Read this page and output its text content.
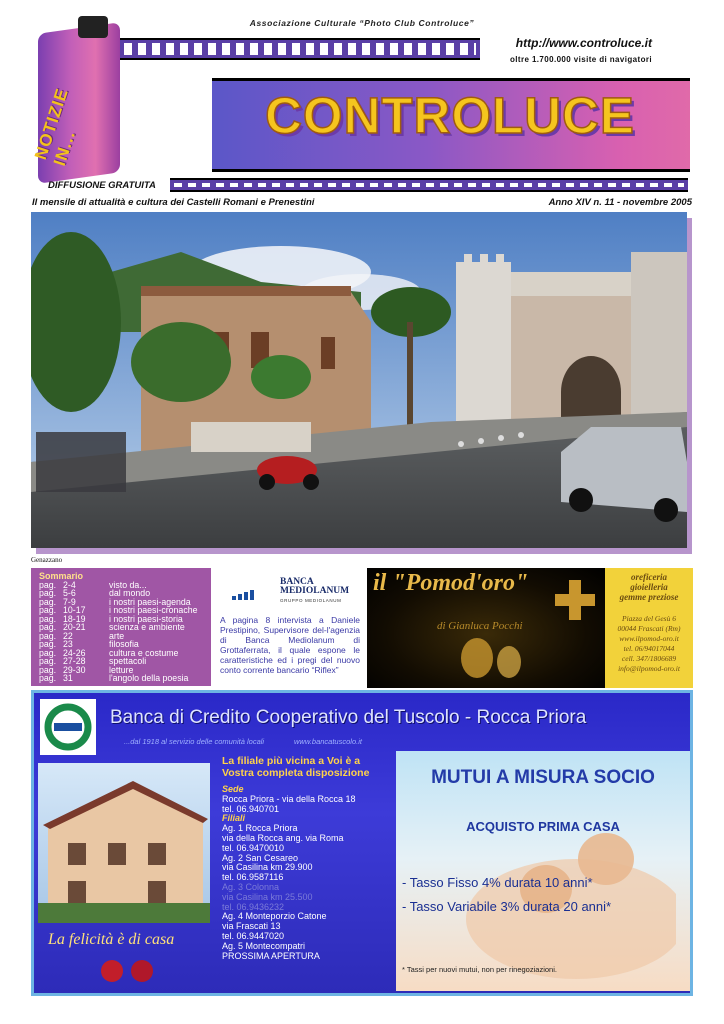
Associazione Culturale “Photo Club Controluce”
NOTIZIE IN...
CONTROLUCE
http://www.controluce.it
oltre 1.700.000 visite di navigatori
DIFFUSIONE GRATUITA
Il mensile di attualità e cultura dei Castelli Romani e Prenestini	Anno XIV n. 11 - novembre 2005
Genazzano
Sommario
pag. 2-4	visto da...
pag. 5-6	dal mondo
pag. 7-9	i nostri paesi-agenda
pag. 10-17	i nostri paesi-cronache
pag. 18-19	i nostri paesi-storia
pag. 20-21	scienza e ambiente
pag. 22	arte
pag. 23	filosofia
pag. 24-26	cultura e costume
pag. 27-28	spettacoli
pag. 29-30	letture
pag. 31	l'angolo della poesia
BANCA
MEDIOLANUM
GRUPPO MEDIOLANUM
A pagina 8 intervista a Daniele Prestipino, Supervisore del-l'agenzia di Banca Mediolanum di Grottaferrata, il quale espone le caratteristiche ed i pregi del nuovo conto corrente bancario “Riflex”
il "Pomod'oro"
di Gianluca Pocchi
oreficeria
gioielleria
gemme preziose
Piazza del Gesù 6
00044 Frascati (Rm)
www.ilpomod-oro.it
tel. 06/94017044
cell. 347/1806689
info@ilpomod-oro.it
Banca di Credito Cooperativo del Tuscolo - Rocca Priora
...dal 1918 al servizio delle comunità locali	www.bancatuscolo.it
La felicità è di casa
La filiale più vicina a Voi è a
Vostra completa disposizione
Sede
Rocca Priora - via della Rocca 18
tel. 06.940701
Filiali
Ag. 1 Rocca Priora
via della Rocca ang. via Roma
tel. 06.9470010
Ag. 2 San Cesareo
via Casilina km 29.900
tel. 06.9587116
Ag. 3 Colonna
via Casilina km 25.500
tel. 06.9436232
Ag. 4 Monteporzio Catone
via Frascati 13
tel. 06.9447020
Ag. 5 Montecompatri
PROSSIMA APERTURA
MUTUI A MISURA SOCIO
ACQUISTO PRIMA CASA
- Tasso Fisso 4% durata 10 anni*
- Tasso Variabile 3% durata 20 anni*
* Tassi per nuovi mutui, non per rinegoziazioni.
